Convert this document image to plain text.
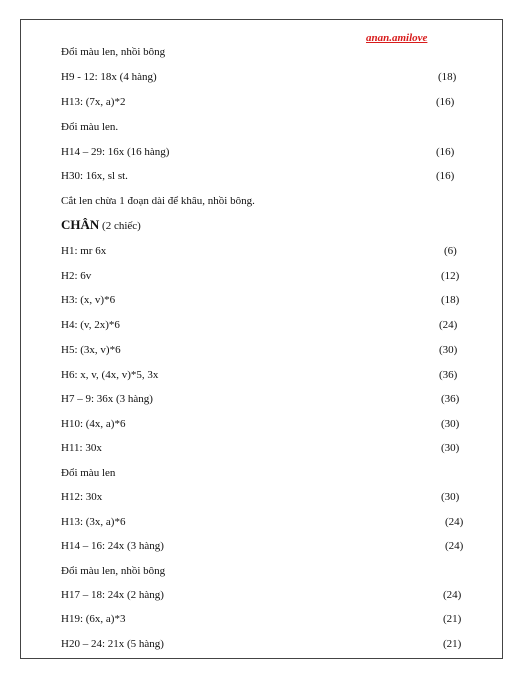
anan.amilove
Đổi màu len, nhồi bông
H9 - 12: 18x (4 hàng)	(18)
H13: (7x, a)*2	(16)
Đổi màu len.
H14 – 29: 16x (16 hàng)	(16)
H30: 16x, sl st.	(16)
Cắt len chừa 1 đoạn dài để khâu, nhồi bông.
CHÂN (2 chiếc)
H1: mr 6x	(6)
H2: 6v	(12)
H3: (x, v)*6	(18)
H4: (v, 2x)*6	(24)
H5: (3x, v)*6	(30)
H6: x, v, (4x, v)*5, 3x	(36)
H7 – 9: 36x (3 hàng)	(36)
H10: (4x, a)*6	(30)
H11: 30x	(30)
Đổi màu len
H12: 30x	(30)
H13: (3x, a)*6	(24)
H14 – 16: 24x (3 hàng)	(24)
Đổi màu len, nhồi bông
H17 – 18: 24x (2 hàng)	(24)
H19: (6x, a)*3	(21)
H20 – 24: 21x (5 hàng)	(21)
